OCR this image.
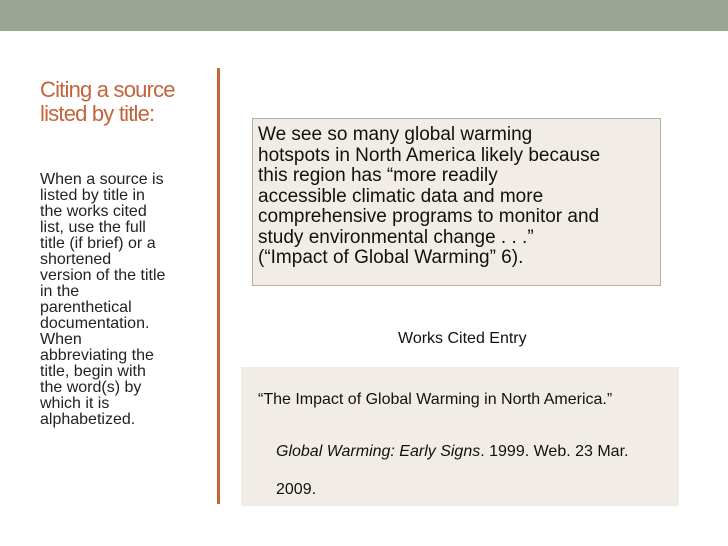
Citing a source
listed by title:
When a source is
listed by title in
the works cited
list, use the full
title (if brief) or a
shortened
version of the title
in the
parenthetical
documentation.
When
abbreviating the
title, begin with
the word(s) by
which it is
alphabetized.
We see so many global warming
hotspots in North America likely because
this region has “more readily
accessible climatic data and more
comprehensive programs to monitor and
study environmental change . . .”
(“Impact of Global Warming” 6).
Works Cited Entry
“The Impact of Global Warming in North America.”
Global Warming: Early Signs. 1999. Web. 23 Mar.
2009.
